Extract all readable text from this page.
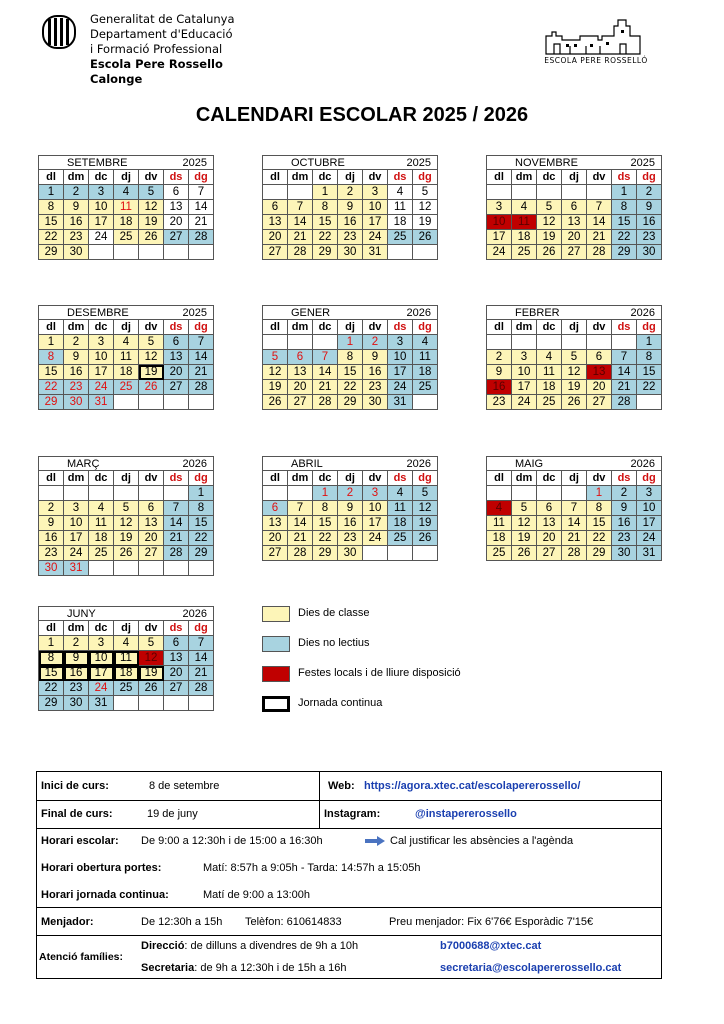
Generalitat de Catalunya
Departament d'Educació
i Formació Professional
Escola Pere Rossello
Calonge
ESCOLA PERE ROSSELLÓ
CALENDARI ESCOLAR 2025 / 2026
SETEMBRE	2025
dl	dm	dc	dj	dv	ds	dg
1	2	3	4	5	6	7
8	9	10	11	12	13	14
15	16	17	18	19	20	21
22	23	24	25	26	27	28
29	30					
OCTUBRE	2025
dl	dm	dc	dj	dv	ds	dg
		1	2	3	4	5
6	7	8	9	10	11	12
13	14	15	16	17	18	19
20	21	22	23	24	25	26
27	28	29	30	31		
NOVEMBRE	2025
dl	dm	dc	dj	dv	ds	dg
					1	2
3	4	5	6	7	8	9
10	11	12	13	14	15	16
17	18	19	20	21	22	23
24	25	26	27	28	29	30
DESEMBRE	2025
dl	dm	dc	dj	dv	ds	dg
1	2	3	4	5	6	7
8	9	10	11	12	13	14
15	16	17	18	19	20	21
22	23	24	25	26	27	28
29	30	31				
GENER	2026
dl	dm	dc	dj	dv	ds	dg
			1	2	3	4
5	6	7	8	9	10	11
12	13	14	15	16	17	18
19	20	21	22	23	24	25
26	27	28	29	30	31	
FEBRER	2026
dl	dm	dc	dj	dv	ds	dg
						1
2	3	4	5	6	7	8
9	10	11	12	13	14	15
16	17	18	19	20	21	22
23	24	25	26	27	28	
MARÇ	2026
dl	dm	dc	dj	dv	ds	dg
						1
2	3	4	5	6	7	8
9	10	11	12	13	14	15
16	17	18	19	20	21	22
23	24	25	26	27	28	29
30	31					
ABRIL	2026
dl	dm	dc	dj	dv	ds	dg
		1	2	3	4	5
6	7	8	9	10	11	12
13	14	15	16	17	18	19
20	21	22	23	24	25	26
27	28	29	30			
MAIG	2026
dl	dm	dc	dj	dv	ds	dg
				1	2	3
4	5	6	7	8	9	10
11	12	13	14	15	16	17
18	19	20	21	22	23	24
25	26	27	28	29	30	31
JUNY	2026
dl	dm	dc	dj	dv	ds	dg
1	2	3	4	5	6	7
8	9	10	11	12	13	14
15	16	17	18	19	20	21
22	23	24	25	26	27	28
29	30	31				
Dies de classe
Dies no lectius
Festes locals i de lliure disposició
Jornada continua
Inici de curs:	8 de setembre	Web: https://agora.xtec.cat/escolapererossello/
Final de curs:	19 de juny	Instagram:	@instapererossello
Horari escolar: De 9:00 a 12:30h i de 15:00 a 16:30h	Cal justificar les absències a l'agènda
Horari obertura portes:	Matí: 8:57h a 9:05h - Tarda: 14:57h a 15:05h
Horari jornada continua:	Matí de 9:00 a 13:00h
Menjador:	De 12:30h a 15h Telèfon: 610614833	Preu menjador: Fix 6'76€ Esporàdic 7'15€
Atenció famílies:
Direcció: de dilluns a divendres de 9h a 10h	b7000688@xtec.cat
Secretaria: de 9h a 12:30h i de 15h a 16h	secretaria@escolapererossello.cat
